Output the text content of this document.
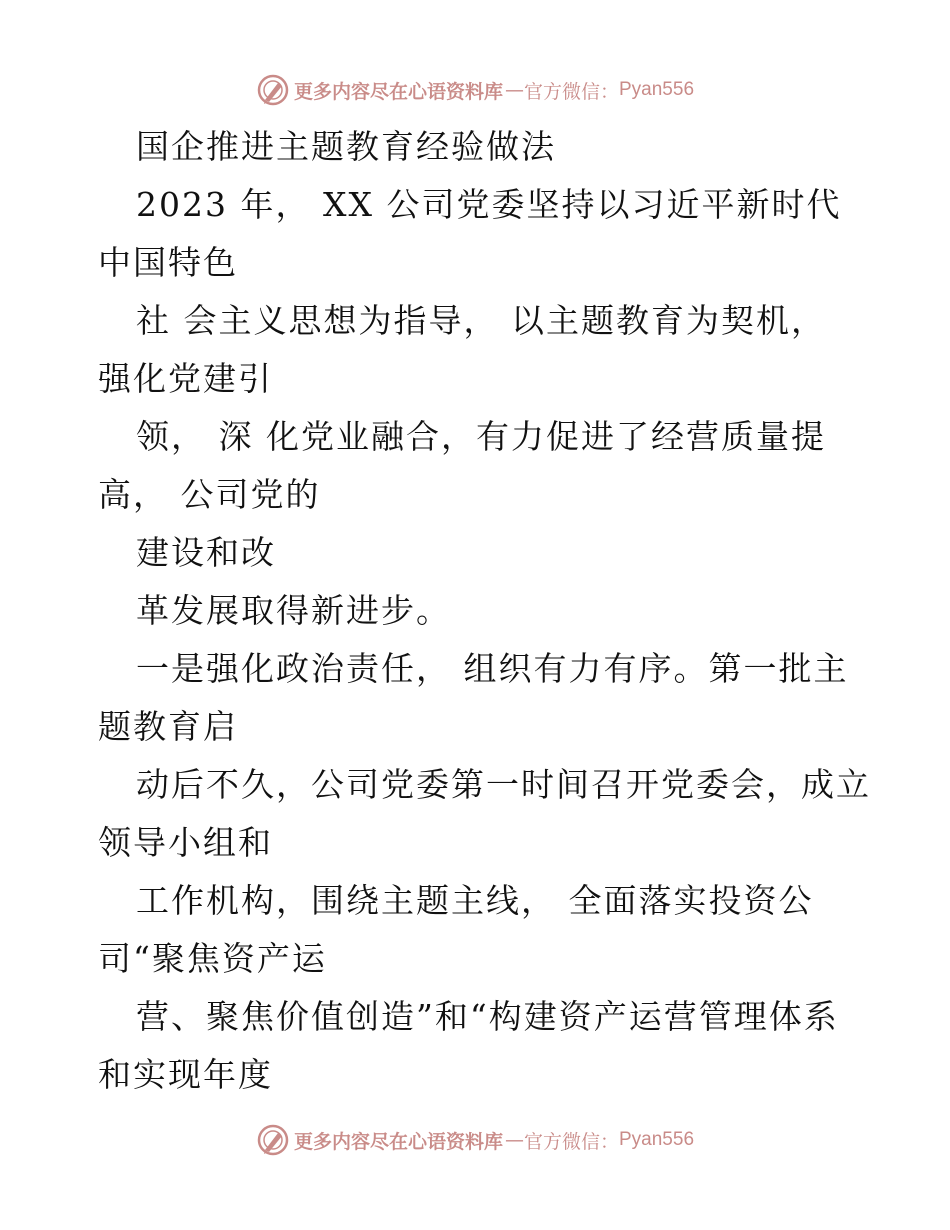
更多内容尽在心语资料库 — 官方微信： Pyan556
国企推进主题教育经验做法
2023 年， XX 公司党委坚持以习近平新时代
中国特色
社 会主义思想为指导， 以主题教育为契机，
强化党建引
领， 深 化党业融合，有力促进了经营质量提
高， 公司党的
建设和改
革发展取得新进步。
一是强化政治责任， 组织有力有序。第一批主
题教育启
动后不久，公司党委第一时间召开党委会，成立
领导小组和
工作机构，围绕主题主线， 全面落实投资公
司“聚焦资产运
营、聚焦价值创造”和“构建资产运营管理体系
和实现年度
更多内容尽在心语资料库 — 官方微信： Pyan556
